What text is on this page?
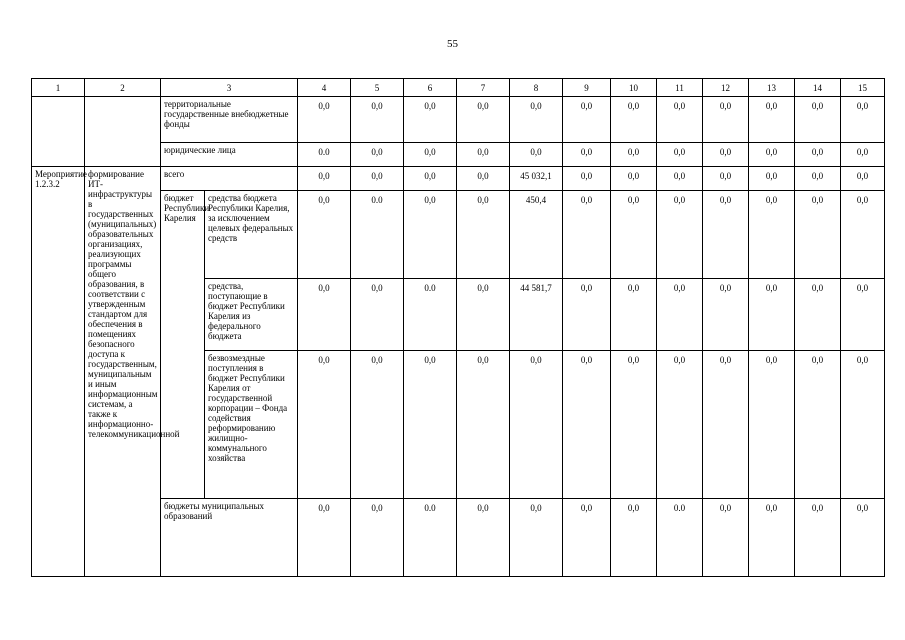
55
1	2	3		4	5	6	7	8	9	10	11	12	13	14	15
		территориальные государственные внебюджетные фонды		0,0	0,0	0,0	0,0	0,0	0,0	0,0	0,0	0,0	0,0	0,0	0,0
		юридические лица		0.0	0,0	0,0	0,0	0,0	0,0	0,0	0,0	0,0	0,0	0,0	0,0
Мероприятие 1.2.3.2	формирование ИТ-инфраструктуры в государственных (муниципальных) образовательных организациях, реализующих программы общего образования, в соответствии с утвержденным стандартом для обеспечения в помещениях безопасного доступа к государственным, муниципальным и иным информационным системам, а также к информационно-телекоммуникационной	всего		0,0	0,0	0,0	0,0	45 032,1	0,0	0,0	0,0	0,0	0,0	0,0	0,0
		бюджет Республики Карелия	средства бюджета Республики Карелия, за исключением целевых федеральных средств	0,0	0.0	0,0	0,0	450,4	0,0	0,0	0,0	0,0	0,0	0,0	0,0
			средства, поступающие в бюджет Республики Карелия из федерального бюджета	0,0	0,0	0.0	0,0	44 581,7	0,0	0,0	0,0	0,0	0,0	0,0	0,0
			безвозмездные поступления в бюджет Республики Карелия от государственной корпорации – Фонда содействия реформированию жилищно-коммунального хозяйства	0,0	0,0	0,0	0,0	0,0	0,0	0,0	0,0	0,0	0,0	0,0	0,0
		бюджеты муниципальных образований		0,0	0,0	0.0	0,0	0,0	0,0	0,0	0.0	0,0	0,0	0,0	0,0
